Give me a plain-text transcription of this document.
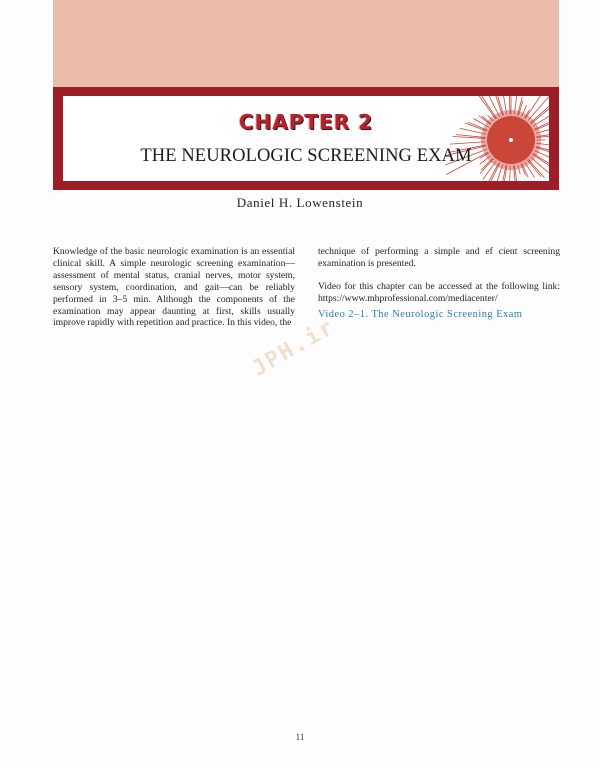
CHAPTER 2
THE NEUROLOGIC SCREENING EXAM
Daniel H. Lowenstein

Knowledge of the basic neurologic examination is an essential clinical skill. A simple neurologic screening examination—assessment of mental status, cranial nerves, motor system, sensory system, coordination, and gait—can be reliably performed in 3–5 min. Although the components of the examination may appear daunting at first, skills usually improve rapidly with repetition and practice. In this video, the

technique of performing a simple and ef cient screening examination is presented.

Video for this chapter can be accessed at the following link: https://www.mhprofessional.com/mediacenter/

Video 2–1. The Neurologic Screening Exam
JPH.ir
11
